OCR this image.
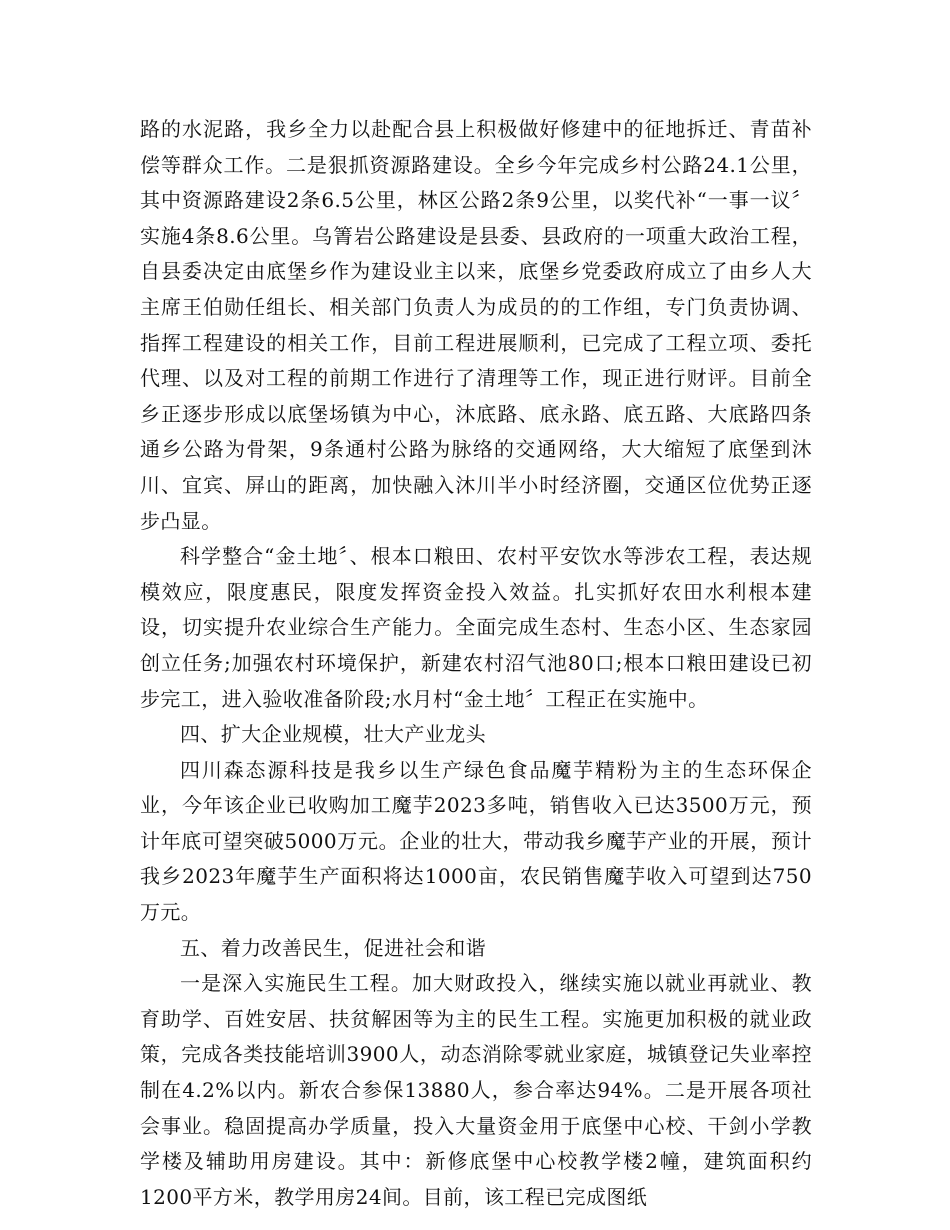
路的水泥路，我乡全力以赴配合县上积极做好修建中的征地拆迁、青苗补偿等群众工作。二是狠抓资源路建设。全乡今年完成乡村公路24.1公里，其中资源路建设2条6.5公里，林区公路2条9公里，以奖代补“一事一议〞实施4条8.6公里。乌箐岩公路建设是县委、县政府的一项重大政治工程，自县委决定由底堡乡作为建设业主以来，底堡乡党委政府成立了由乡人大主席王伯勋任组长、相关部门负责人为成员的的工作组，专门负责协调、指挥工程建设的相关工作，目前工程进展顺利，已完成了工程立项、委托代理、以及对工程的前期工作进行了清理等工作，现正进行财评。目前全乡正逐步形成以底堡场镇为中心，沐底路、底永路、底五路、大底路四条通乡公路为骨架，9条通村公路为脉络的交通网络，大大缩短了底堡到沐川、宜宾、屏山的距离，加快融入沐川半小时经济圈，交通区位优势正逐步凸显。

科学整合“金土地〞、根本口粮田、农村平安饮水等涉农工程，表达规模效应，限度惠民，限度发挥资金投入效益。扎实抓好农田水利根本建设，切实提升农业综合生产能力。全面完成生态村、生态小区、生态家园创立任务;加强农村环境保护，新建农村沼气池80口;根本口粮田建设已初步完工，进入验收准备阶段;水月村“金土地〞工程正在实施中。

四、扩大企业规模，壮大产业龙头

四川森态源科技是我乡以生产绿色食品魔芋精粉为主的生态环保企业，今年该企业已收购加工魔芋2023多吨，销售收入已达3500万元，预计年底可望突破5000万元。企业的壮大，带动我乡魔芋产业的开展，预计我乡2023年魔芋生产面积将达1000亩，农民销售魔芋收入可望到达750万元。

五、着力改善民生，促进社会和谐

一是深入实施民生工程。加大财政投入，继续实施以就业再就业、教育助学、百姓安居、扶贫解困等为主的民生工程。实施更加积极的就业政策，完成各类技能培训3900人，动态消除零就业家庭，城镇登记失业率控制在4.2%以内。新农合参保13880人，参合率达94%。二是开展各项社会事业。稳固提高办学质量，投入大量资金用于底堡中心校、干剑小学教学楼及辅助用房建设。其中：新修底堡中心校教学楼2幢，建筑面积约1200平方米，教学用房24间。目前，该工程已完成图纸
